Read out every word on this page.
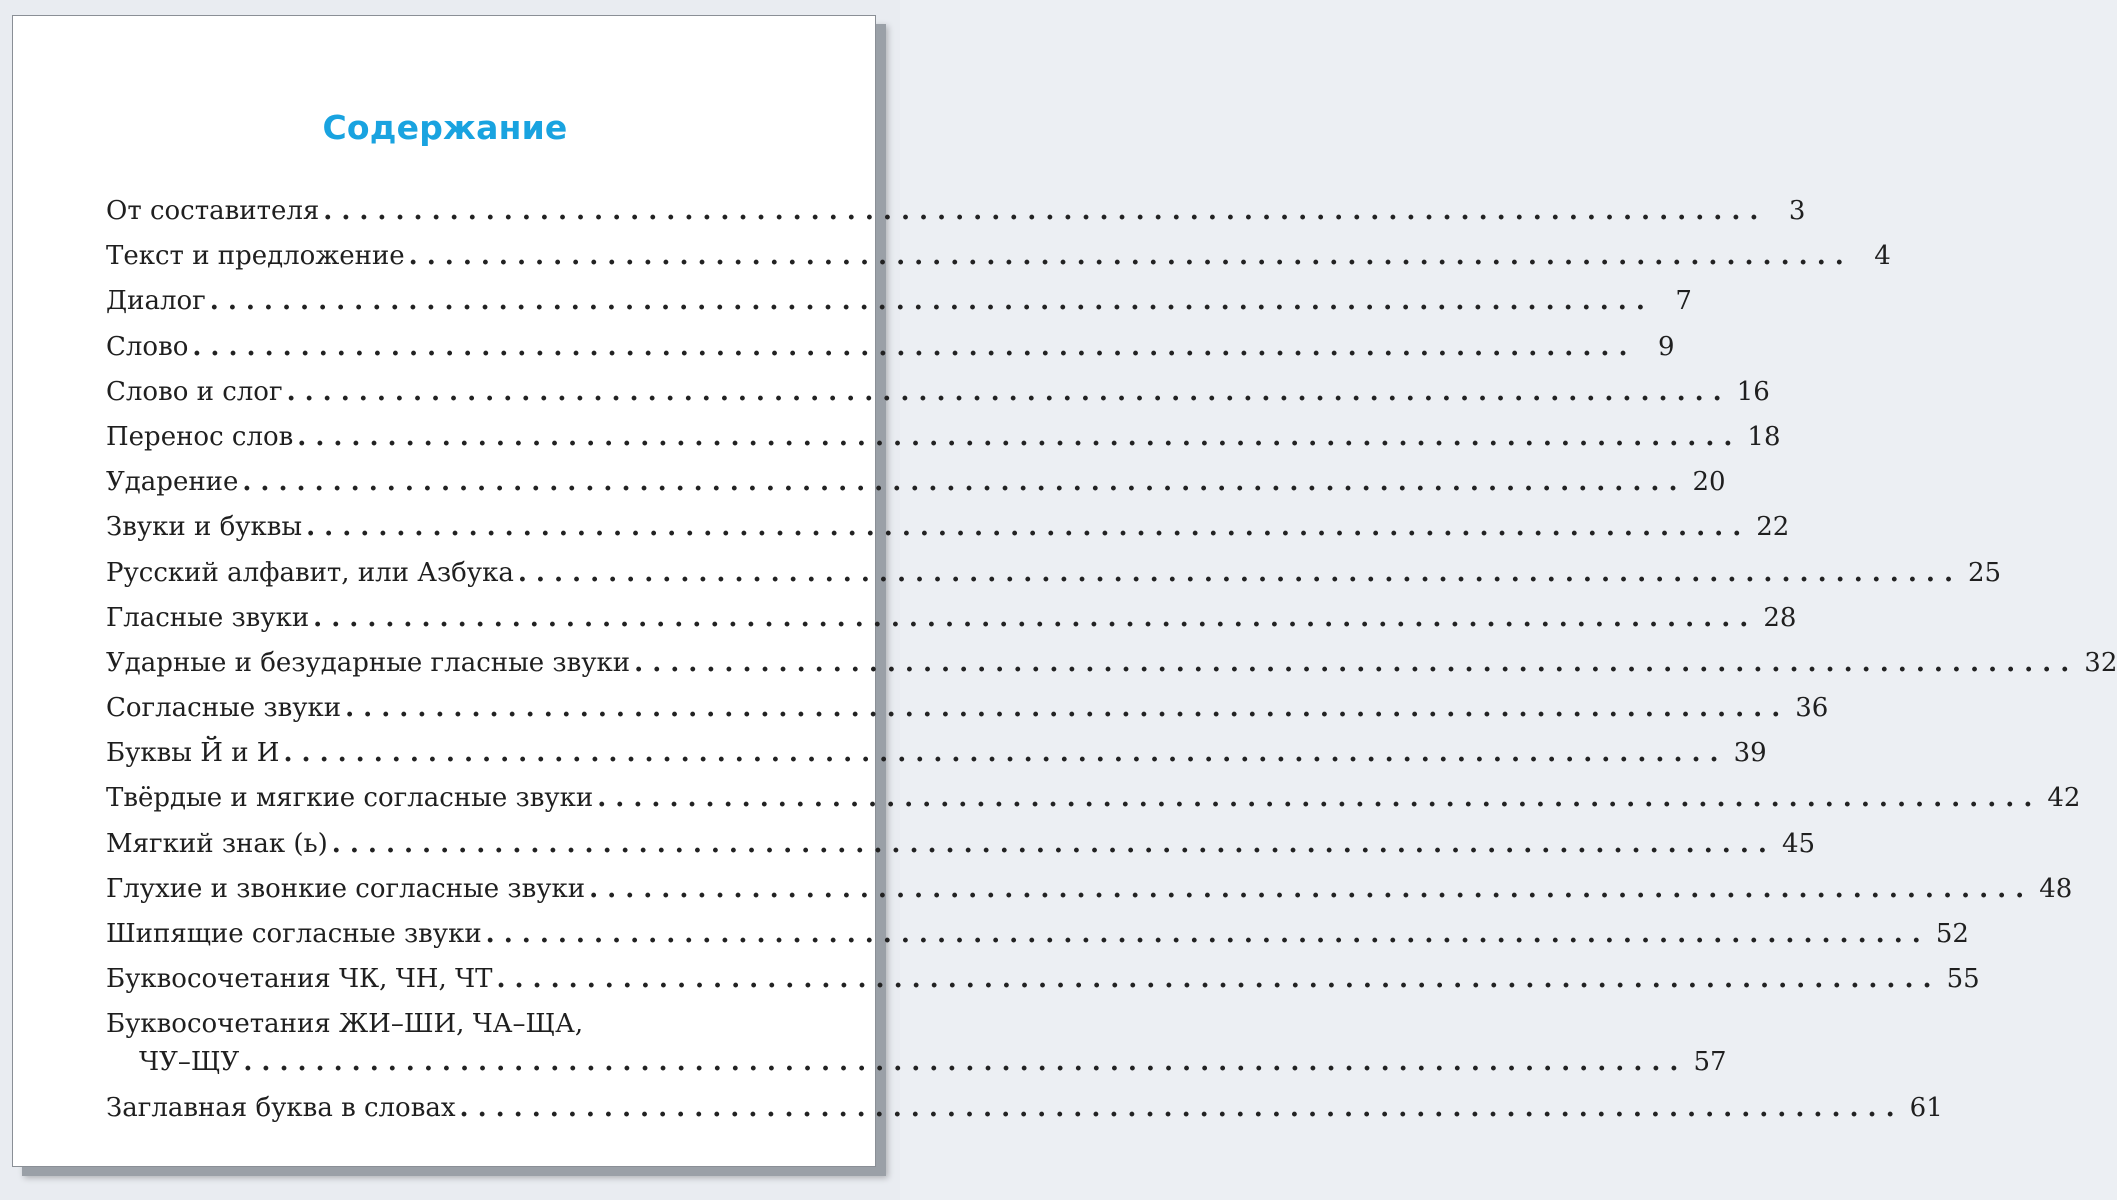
Содержание
От составителя ................................................................................ 3
Текст и предложение ................................................................................ 4
Диалог ................................................................................ 7
Слово ................................................................................ 9
Слово и слог ................................................................................ 16
Перенос слов ................................................................................ 18
Ударение ................................................................................ 20
Звуки и буквы ................................................................................ 22
Русский алфавит, или Азбука ................................................................................ 25
Гласные звуки ................................................................................ 28
Ударные и безударные гласные звуки ................................................................................ 32
Согласные звуки ................................................................................ 36
Буквы Й и И ................................................................................ 39
Твёрдые и мягкие согласные звуки ................................................................................ 42
Мягкий знак (ь) ................................................................................ 45
Глухие и звонкие согласные звуки ................................................................................ 48
Шипящие согласные звуки ................................................................................ 52
Буквосочетания ЧК, ЧН, ЧТ ................................................................................ 55
Буквосочетания ЖИ–ШИ, ЧА–ЩА,
ЧУ–ЩУ ................................................................................ 57
Заглавная буква в словах ................................................................................ 61
